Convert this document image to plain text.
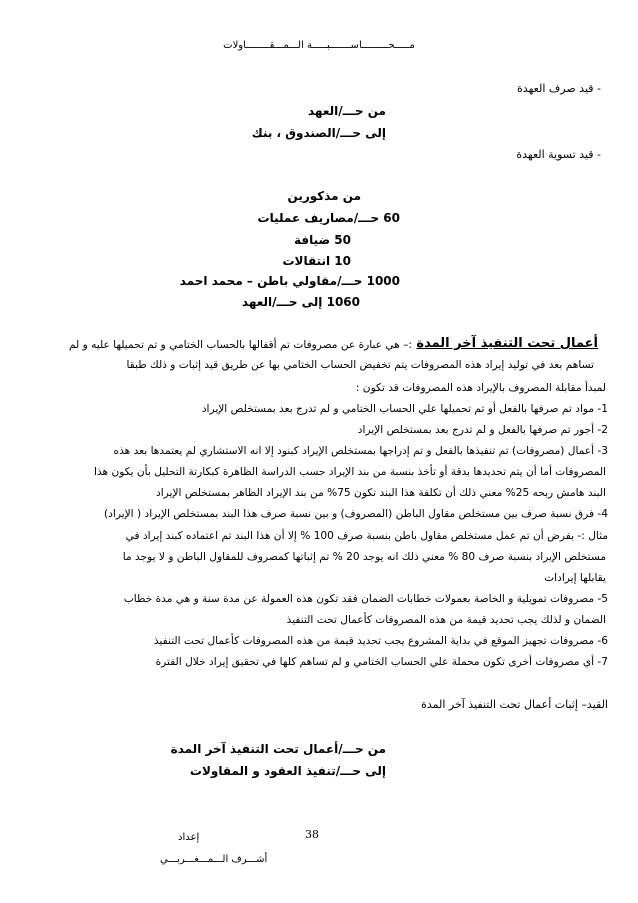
مـــــحـــــــــاســـــــبـــــة الـــمـــقــــــــاولات
- قيد صرف العهدة
من حـــ/العهد
إلى حـــ/الصندوق ، بنك
- قيد تسوية العهدة
من مذكورين
60 حـــ/مصاريف عمليات
50 ضيافة
10 انتقالات
1000 حـــ/مقاولي باطن – محمد احمد
1060 إلى حـــ/العهد
أعمال تحت التنفيذ آخر المدة
:– هي عبارة عن مصروفات تم أقفالها بالحساب الختامي و تم تحميلها عليه و لم
تساهم بعد في توليد إيراد هذه المصروفات يتم تخفيض الحساب الختامي بها عن طريق قيد إثبات و ذلك طبقا
لمبدأ مقابلة المصروف بالإيراد هذه المصروفات قد تكون :
1- مواد تم صرفها بالفعل أو تم تحميلها علي الحساب الختامي و لم تدرج بعد بمستخلص الإيراد
2- أجور تم صرفها بالفعل و لم تدرج بعد بمستخلص الإيراد
3- أعمال (مصروفات) تم تنفيذها بالفعل و تم إدراجها بمستخلص الإيراد كبنود إلا انه الاستشاري لم يعتمدها بعد هذه
المصروفات أما أن يتم تحديدها بدقة أو تأخذ بنسبة من بند الإيراد حسب الدراسة الظاهرة كبكارتة التحليل بأن يكون هذا
البند هامش ربحه 25% معني ذلك أن تكلفة هذا البند تكون 75% من بند الإيراد الظاهر بمستخلص الإيراد
4- فرق نسبة صرف بين مستخلص مقاول الباطن (المصروف) و بين نسبة صرف هذا البند بمستخلص الإيراد ( الإيراد)
مثال :- بفرض أن تم عمل مستخلص مقاول باطن بنسبة صرف 100 % إلا أن هذا البند تم اعتماده كبند إيراد في
مستخلص الإيراد بنسبة صرف 80 % معني ذلك انه يوجد 20 % تم إثباتها كمصروف للمقاول الباطن و لا يوجد ما
يقابلها إيرادات
5- مصروفات تمويلية و الخاصة بعمولات خطابات الضمان فقد تكون هذه العمولة عن مدة سنة و هي مدة خطاب
الضمان و لذلك يجب تحديد قيمة من هذه المصروفات كأعمال تحت التنفيذ
6- مصروفات تجهيز الموقع في بداية المشروع يجب تحديد قيمة من هذه المصروفات كأعمال تحت التنفيذ
7- أي مصروفات أخرى تكون محملة علي الحساب الختامي و لم تساهم كلها في تحقيق إيراد خلال الفترة
القيد– إثبات أعمال تحت التنفيذ آخر المدة
من حـــ/أعمال تحت التنفيذ آخر المدة
إلى حـــ/تنفيذ العقود و المقاولات
38
إعداد
أشـــرف الـــمـــغـــربـــي
